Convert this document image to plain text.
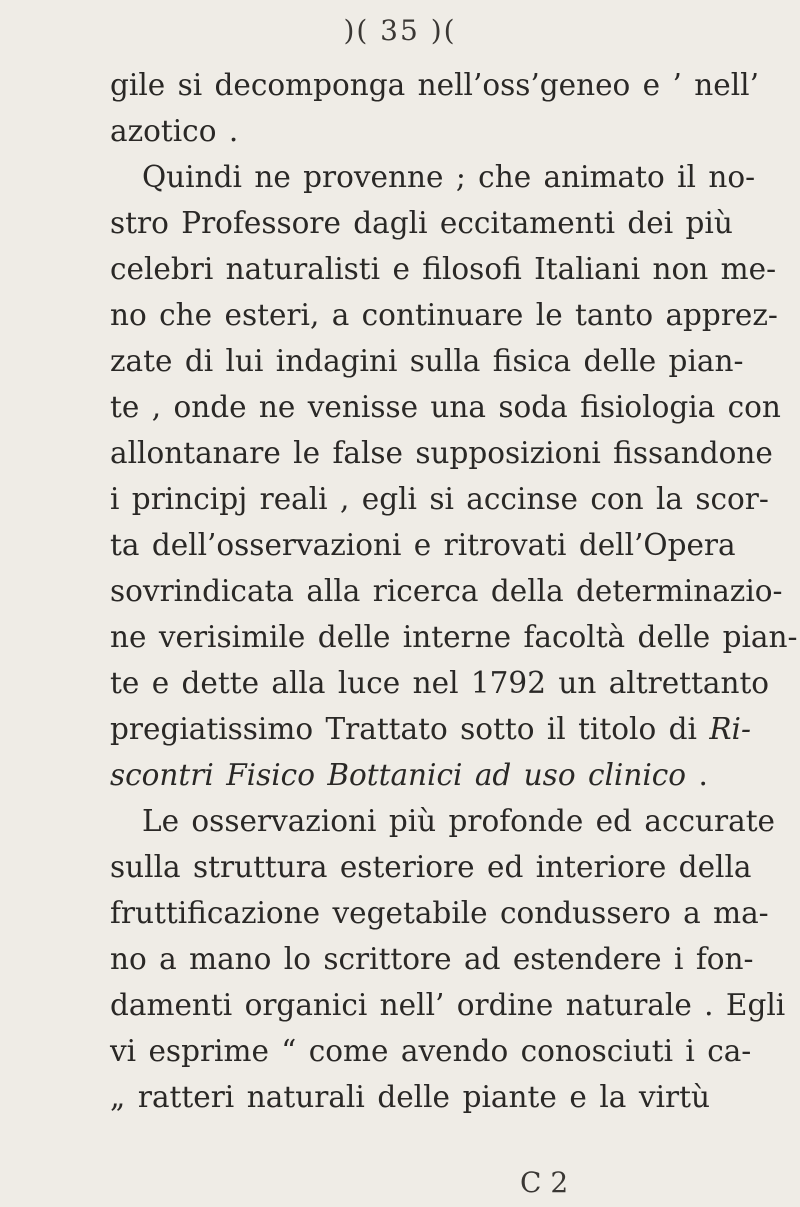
)( 35 )(
gile si decomponga nell’oss’geneo e ’ nell’
azotico .
Quindi ne provenne ; che animato il no-
stro Professore dagli eccitamenti dei più
celebri naturalisti e filosofi Italiani non me-
no che esteri, a continuare le tanto apprez-
zate di lui indagini sulla fisica delle pian-
te , onde ne venisse una soda fisiologia con
allontanare le false supposizioni fissandone
i principj reali , egli si accinse con la scor-
ta dell’osservazioni e ritrovati dell’Opera
sovrindicata alla ricerca della determinazio-
ne verisimile delle interne facoltà delle pian-
te e dette alla luce nel 1792 un altrettanto
pregiatissimo Trattato sotto il titolo di Ri-
scontri Fisico Bottanici ad uso clinico .
Le osservazioni più profonde ed accurate
sulla struttura esteriore ed interiore della
fruttificazione vegetabile condussero a ma-
no a mano lo scrittore ad estendere i fon-
damenti organici nell’ ordine naturale . Egli
vi esprime “ come avendo conosciuti i ca-
„ ratteri naturali delle piante e la virtù
C 2
